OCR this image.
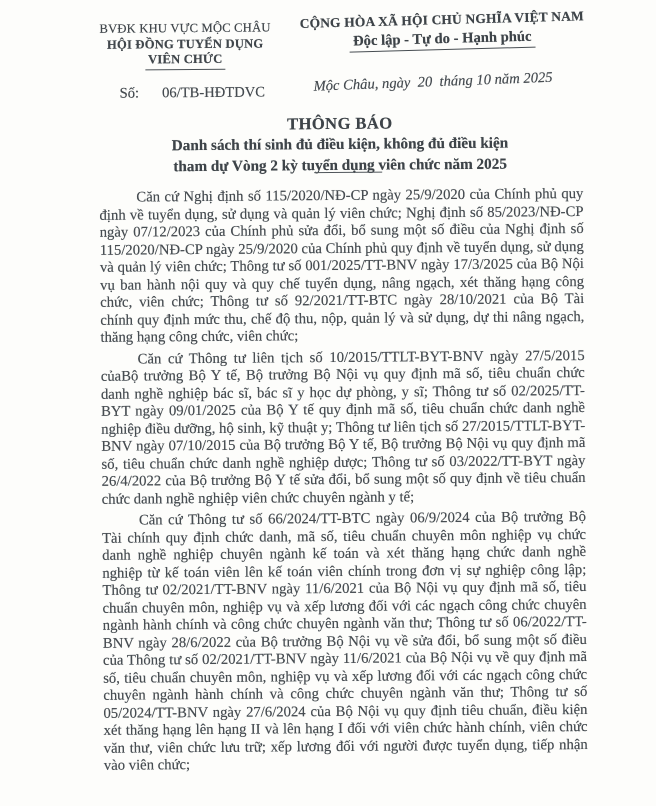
BVĐK KHU VỰC MỘC CHÂU
HỘI ĐỒNG TUYỂN DỤNG
VIÊN CHỨC
CỘNG HÒA XÃ HỘI CHỦ NGHĨA VIỆT NAM
Độc lập - Tự do - Hạnh phúc
Số: 06/TB-HĐTDVC	Mộc Châu, ngày  20  tháng 10 năm 2025
THÔNG BÁO
Danh sách thí sinh đủ điều kiện, không đủ điều kiện
tham dự Vòng 2 kỳ tuyển dụng viên chức năm 2025

Căn cứ Nghị định số 115/2020/NĐ-CP ngày 25/9/2020 của Chính phủ quy định về tuyển dụng, sử dụng và quản lý viên chức; Nghị định số 85/2023/NĐ-CP ngày 07/12/2023 của Chính phủ sửa đổi, bổ sung một số điều của Nghị định số 115/2020/NĐ-CP ngày 25/9/2020 của Chính phủ quy định về tuyển dụng, sử dụng và quản lý viên chức; Thông tư số 001/2025/TT-BNV ngày 17/3/2025 của Bộ Nội vụ ban hành nội quy và quy chế tuyển dụng, nâng ngạch, xét thăng hạng công chức, viên chức; Thông tư số 92/2021/TT-BTC ngày 28/10/2021 của Bộ Tài chính quy định mức thu, chế độ thu, nộp, quản lý và sử dụng, dự thi nâng ngạch, thăng hạng công chức, viên chức;

Căn cứ Thông tư liên tịch số 10/2015/TTLT-BYT-BNV ngày 27/5/2015 củaBộ trưởng Bộ Y tế, Bộ trưởng Bộ Nội vụ quy định mã số, tiêu chuẩn chức danh nghề nghiệp bác sĩ, bác sĩ y học dự phòng, y sĩ; Thông tư số 02/2025/TT-BYT ngày 09/01/2025 của Bộ Y tế quy định mã số, tiêu chuẩn chức danh nghề nghiệp điều dưỡng, hộ sinh, kỹ thuật y; Thông tư liên tịch số 27/2015/TTLT-BYT-BNV ngày 07/10/2015 của Bộ trưởng Bộ Y tế, Bộ trưởng Bộ Nội vụ quy định mã số, tiêu chuẩn chức danh nghề nghiệp dược; Thông tư số 03/2022/TT-BYT ngày 26/4/2022 của Bộ trưởng Bộ Y tế sửa đổi, bổ sung một số quy định về tiêu chuẩn chức danh nghề nghiệp viên chức chuyên ngành y tế;

Căn cứ Thông tư số 66/2024/TT-BTC ngày 06/9/2024 của Bộ trưởng Bộ Tài chính quy định chức danh, mã số, tiêu chuẩn chuyên môn nghiệp vụ chức danh nghề nghiệp chuyên ngành kế toán và xét thăng hạng chức danh nghề nghiệp từ kế toán viên lên kế toán viên chính trong đơn vị sự nghiệp công lập; Thông tư 02/2021/TT-BNV ngày 11/6/2021 của Bộ Nội vụ quy định mã số, tiêu chuẩn chuyên môn, nghiệp vụ và xếp lương đối với các ngạch công chức chuyên ngành hành chính và công chức chuyên ngành văn thư; Thông tư số 06/2022/TT-BNV ngày 28/6/2022 của Bộ trưởng Bộ Nội vụ về sửa đổi, bổ sung một số điều của Thông tư số 02/2021/TT-BNV ngày 11/6/2021 của Bộ Nội vụ về quy định mã số, tiêu chuẩn chuyên môn, nghiệp vụ và xếp lương đối với các ngạch công chức chuyên ngành hành chính và công chức chuyên ngành văn thư; Thông tư số 05/2024/TT-BNV ngày 27/6/2024 của Bộ Nội vụ quy định tiêu chuẩn, điều kiện xét thăng hạng lên hạng II và lên hạng I đối với viên chức hành chính, viên chức văn thư, viên chức lưu trữ; xếp lương đối với người được tuyển dụng, tiếp nhận vào viên chức;
